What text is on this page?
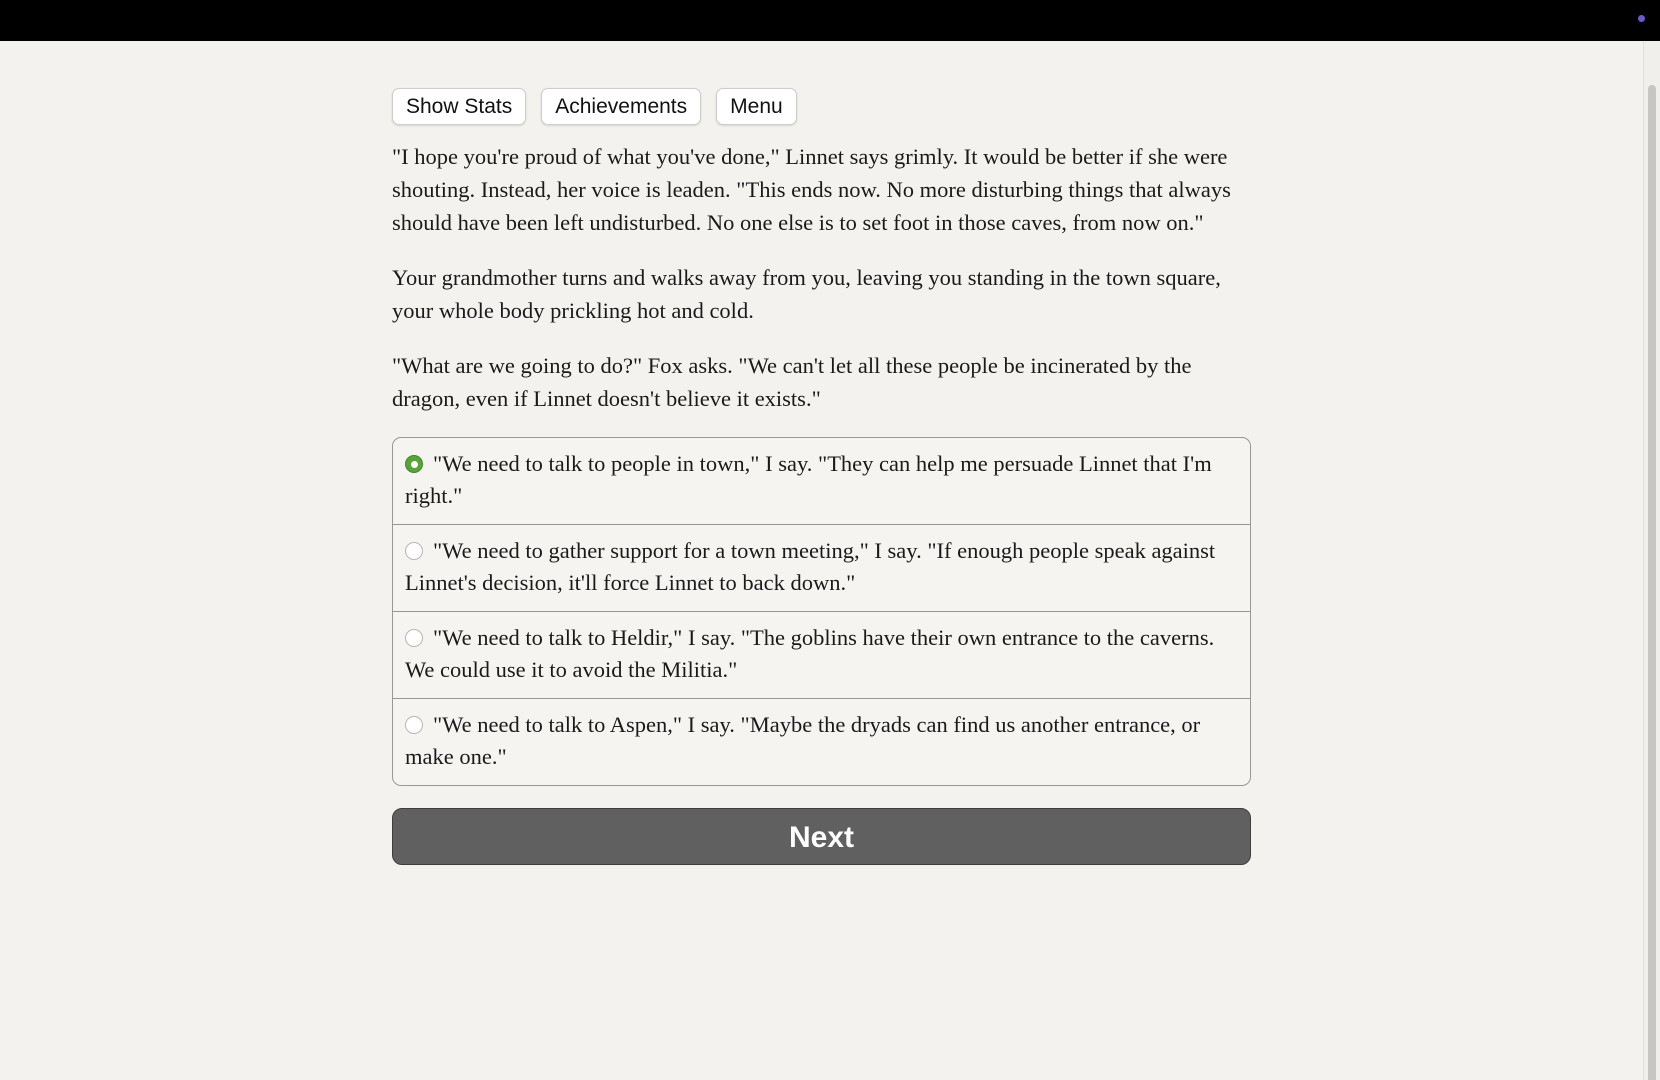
Show Stats	Achievements	Menu

"I hope you're proud of what you've done," Linnet says grimly. It would be better if she were shouting. Instead, her voice is leaden. "This ends now. No more disturbing things that always should have been left undisturbed. No one else is to set foot in those caves, from now on."

Your grandmother turns and walks away from you, leaving you standing in the town square, your whole body prickling hot and cold.

"What are we going to do?" Fox asks. "We can't let all these people be incinerated by the dragon, even if Linnet doesn't believe it exists."

"We need to talk to people in town," I say. "They can help me persuade Linnet that I'm right."
"We need to gather support for a town meeting," I say. "If enough people speak against Linnet's decision, it'll force Linnet to back down."
"We need to talk to Heldir," I say. "The goblins have their own entrance to the caverns. We could use it to avoid the Militia."
"We need to talk to Aspen," I say. "Maybe the dryads can find us another entrance, or make one."
Next
